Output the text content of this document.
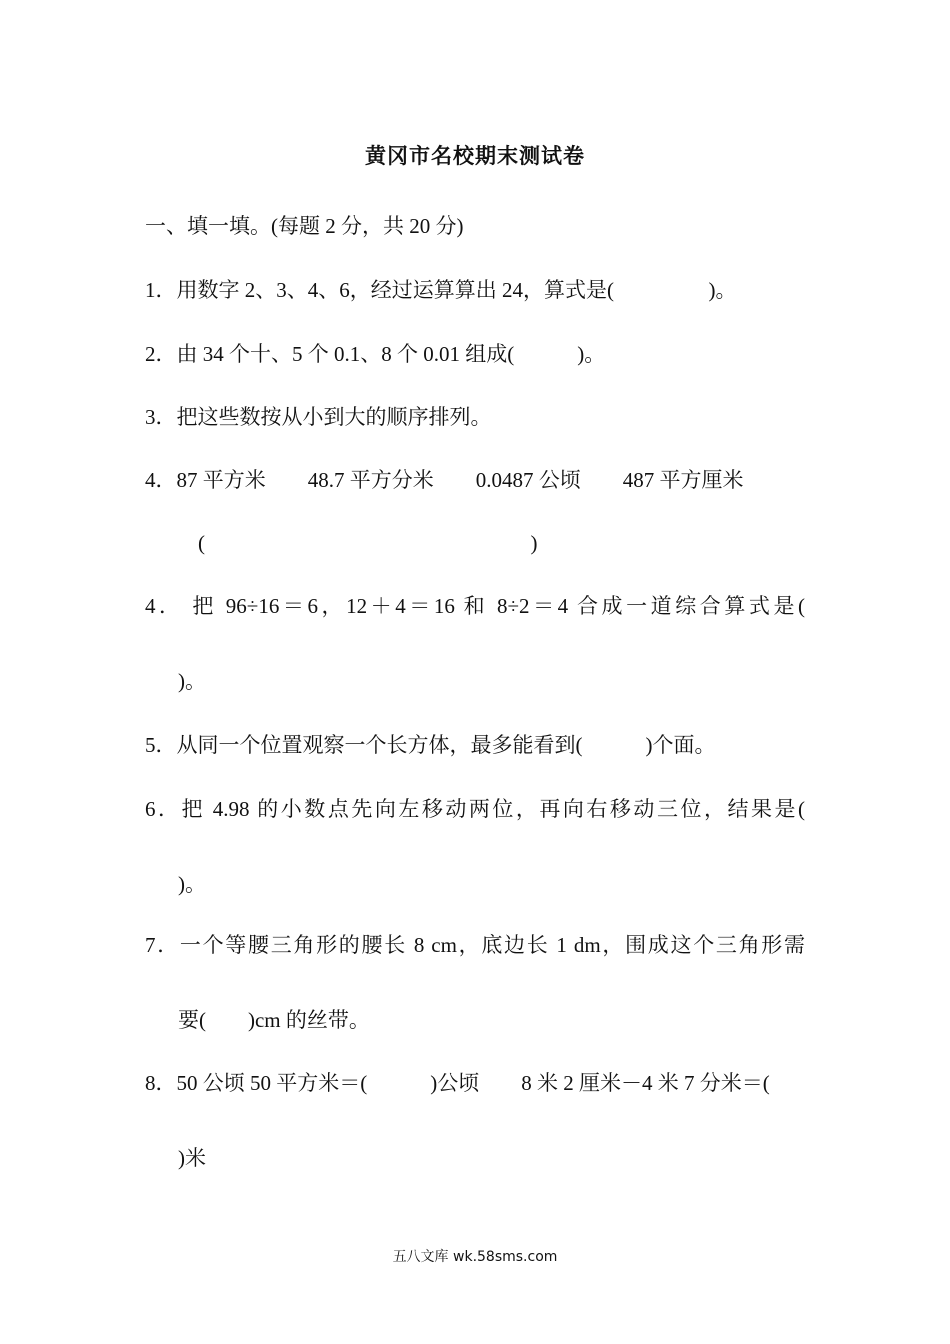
黄冈市名校期末测试卷
一、填一填。(每题 2 分，共 20 分)
1．用数字 2、3、4、6，经过运算算出 24，算式是(                  )。
2．由 34 个十、5 个 0.1、8 个 0.01 组成(            )。
3．把这些数按从小到大的顺序排列。
4．87 平方米        48.7 平方分米        0.0487 公顷        487 平方厘米
(                                                              )
4． 把 96÷16＝6，12＋4＝16 和 8÷2＝4 合成一道综合算式是(
)。
5．从同一个位置观察一个长方体，最多能看到(            )个面。
6．把 4.98 的小数点先向左移动两位，再向右移动三位，结果是(
)。
7．一个等腰三角形的腰长 8 cm，底边长 1 dm，围成这个三角形需
要(        )cm 的丝带。
8．50 公顷 50 平方米＝(            )公顷        8 米 2 厘米－4 米 7 分米＝(
)米
五八文库 wk.58sms.com
